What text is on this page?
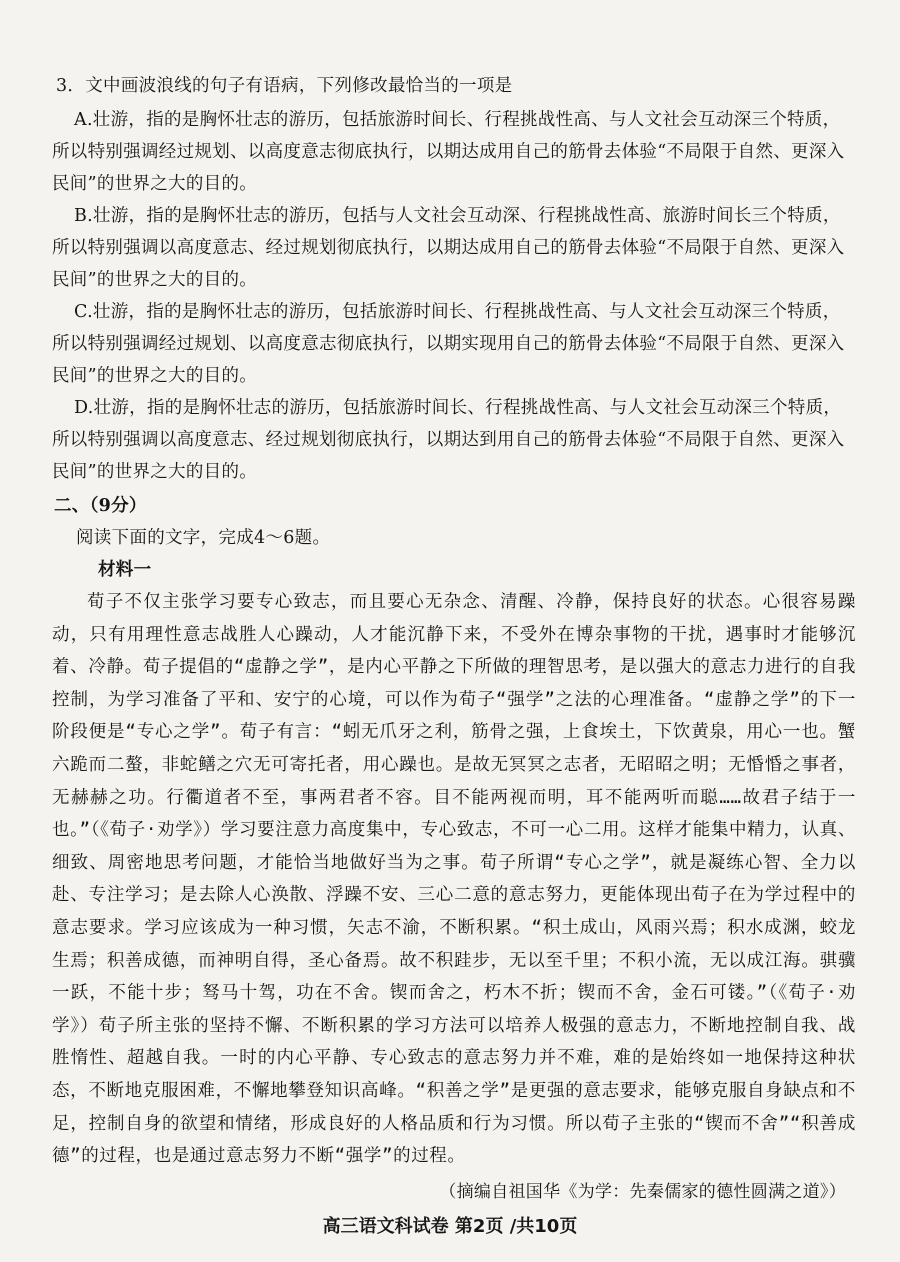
3．文中画波浪线的句子有语病，下列修改最恰当的一项是

A.壮游，指的是胸怀壮志的游历，包括旅游时间长、行程挑战性高、与人文社会互动深三个特质，所以特别强调经过规划、以高度意志彻底执行，以期达成用自己的筋骨去体验“不局限于自然、更深入民间”的世界之大的目的。

B.壮游，指的是胸怀壮志的游历，包括与人文社会互动深、行程挑战性高、旅游时间长三个特质，所以特别强调以高度意志、经过规划彻底执行，以期达成用自己的筋骨去体验“不局限于自然、更深入民间”的世界之大的目的。

C.壮游，指的是胸怀壮志的游历，包括旅游时间长、行程挑战性高、与人文社会互动深三个特质，所以特别强调经过规划、以高度意志彻底执行，以期实现用自己的筋骨去体验“不局限于自然、更深入民间”的世界之大的目的。

D.壮游，指的是胸怀壮志的游历，包括旅游时间长、行程挑战性高、与人文社会互动深三个特质，所以特别强调以高度意志、经过规划彻底执行，以期达到用自己的筋骨去体验“不局限于自然、更深入民间”的世界之大的目的。

二、（9分）

阅读下面的文字，完成4～6题。

材料一

荀子不仅主张学习要专心致志，而且要心无杂念、清醒、冷静，保持良好的状态。心很容易躁动，只有用理性意志战胜人心躁动，人才能沉静下来，不受外在博杂事物的干扰，遇事时才能够沉着、冷静。荀子提倡的“虚静之学”，是内心平静之下所做的理智思考，是以强大的意志力进行的自我控制，为学习准备了平和、安宁的心境，可以作为荀子“强学”之法的心理准备。“虚静之学”的下一阶段便是“专心之学”。荀子有言：“蚓无爪牙之利，筋骨之强，上食埃土，下饮黄泉，用心一也。蟹六跪而二螯，非蛇鳝之穴无可寄托者，用心躁也。是故无冥冥之志者，无昭昭之明；无惛惛之事者，无赫赫之功。行衢道者不至，事两君者不容。目不能两视而明，耳不能两听而聪……故君子结于一也。”（《荀子·劝学》）学习要注意力高度集中，专心致志，不可一心二用。这样才能集中精力，认真、细致、周密地思考问题，才能恰当地做好当为之事。荀子所谓“专心之学”，就是凝练心智、全力以赴、专注学习；是去除人心涣散、浮躁不安、三心二意的意志努力，更能体现出荀子在为学过程中的意志要求。学习应该成为一种习惯，矢志不渝，不断积累。“积土成山，风雨兴焉；积水成渊，蛟龙生焉；积善成德，而神明自得，圣心备焉。故不积跬步，无以至千里；不积小流，无以成江海。骐骥一跃，不能十步；驽马十驾，功在不舍。锲而舍之，朽木不折；锲而不舍，金石可镂。”（《荀子·劝学》）荀子所主张的坚持不懈、不断积累的学习方法可以培养人极强的意志力，不断地控制自我、战胜惰性、超越自我。一时的内心平静、专心致志的意志努力并不难，难的是始终如一地保持这种状态，不断地克服困难，不懈地攀登知识高峰。“积善之学”是更强的意志要求，能够克服自身缺点和不足，控制自身的欲望和情绪，形成良好的人格品质和行为习惯。所以荀子主张的“锲而不舍”“积善成德”的过程，也是通过意志努力不断“强学”的过程。

（摘编自祖国华《为学：先秦儒家的德性圆满之道》）
高三语文科试卷 第2页 /共10页
